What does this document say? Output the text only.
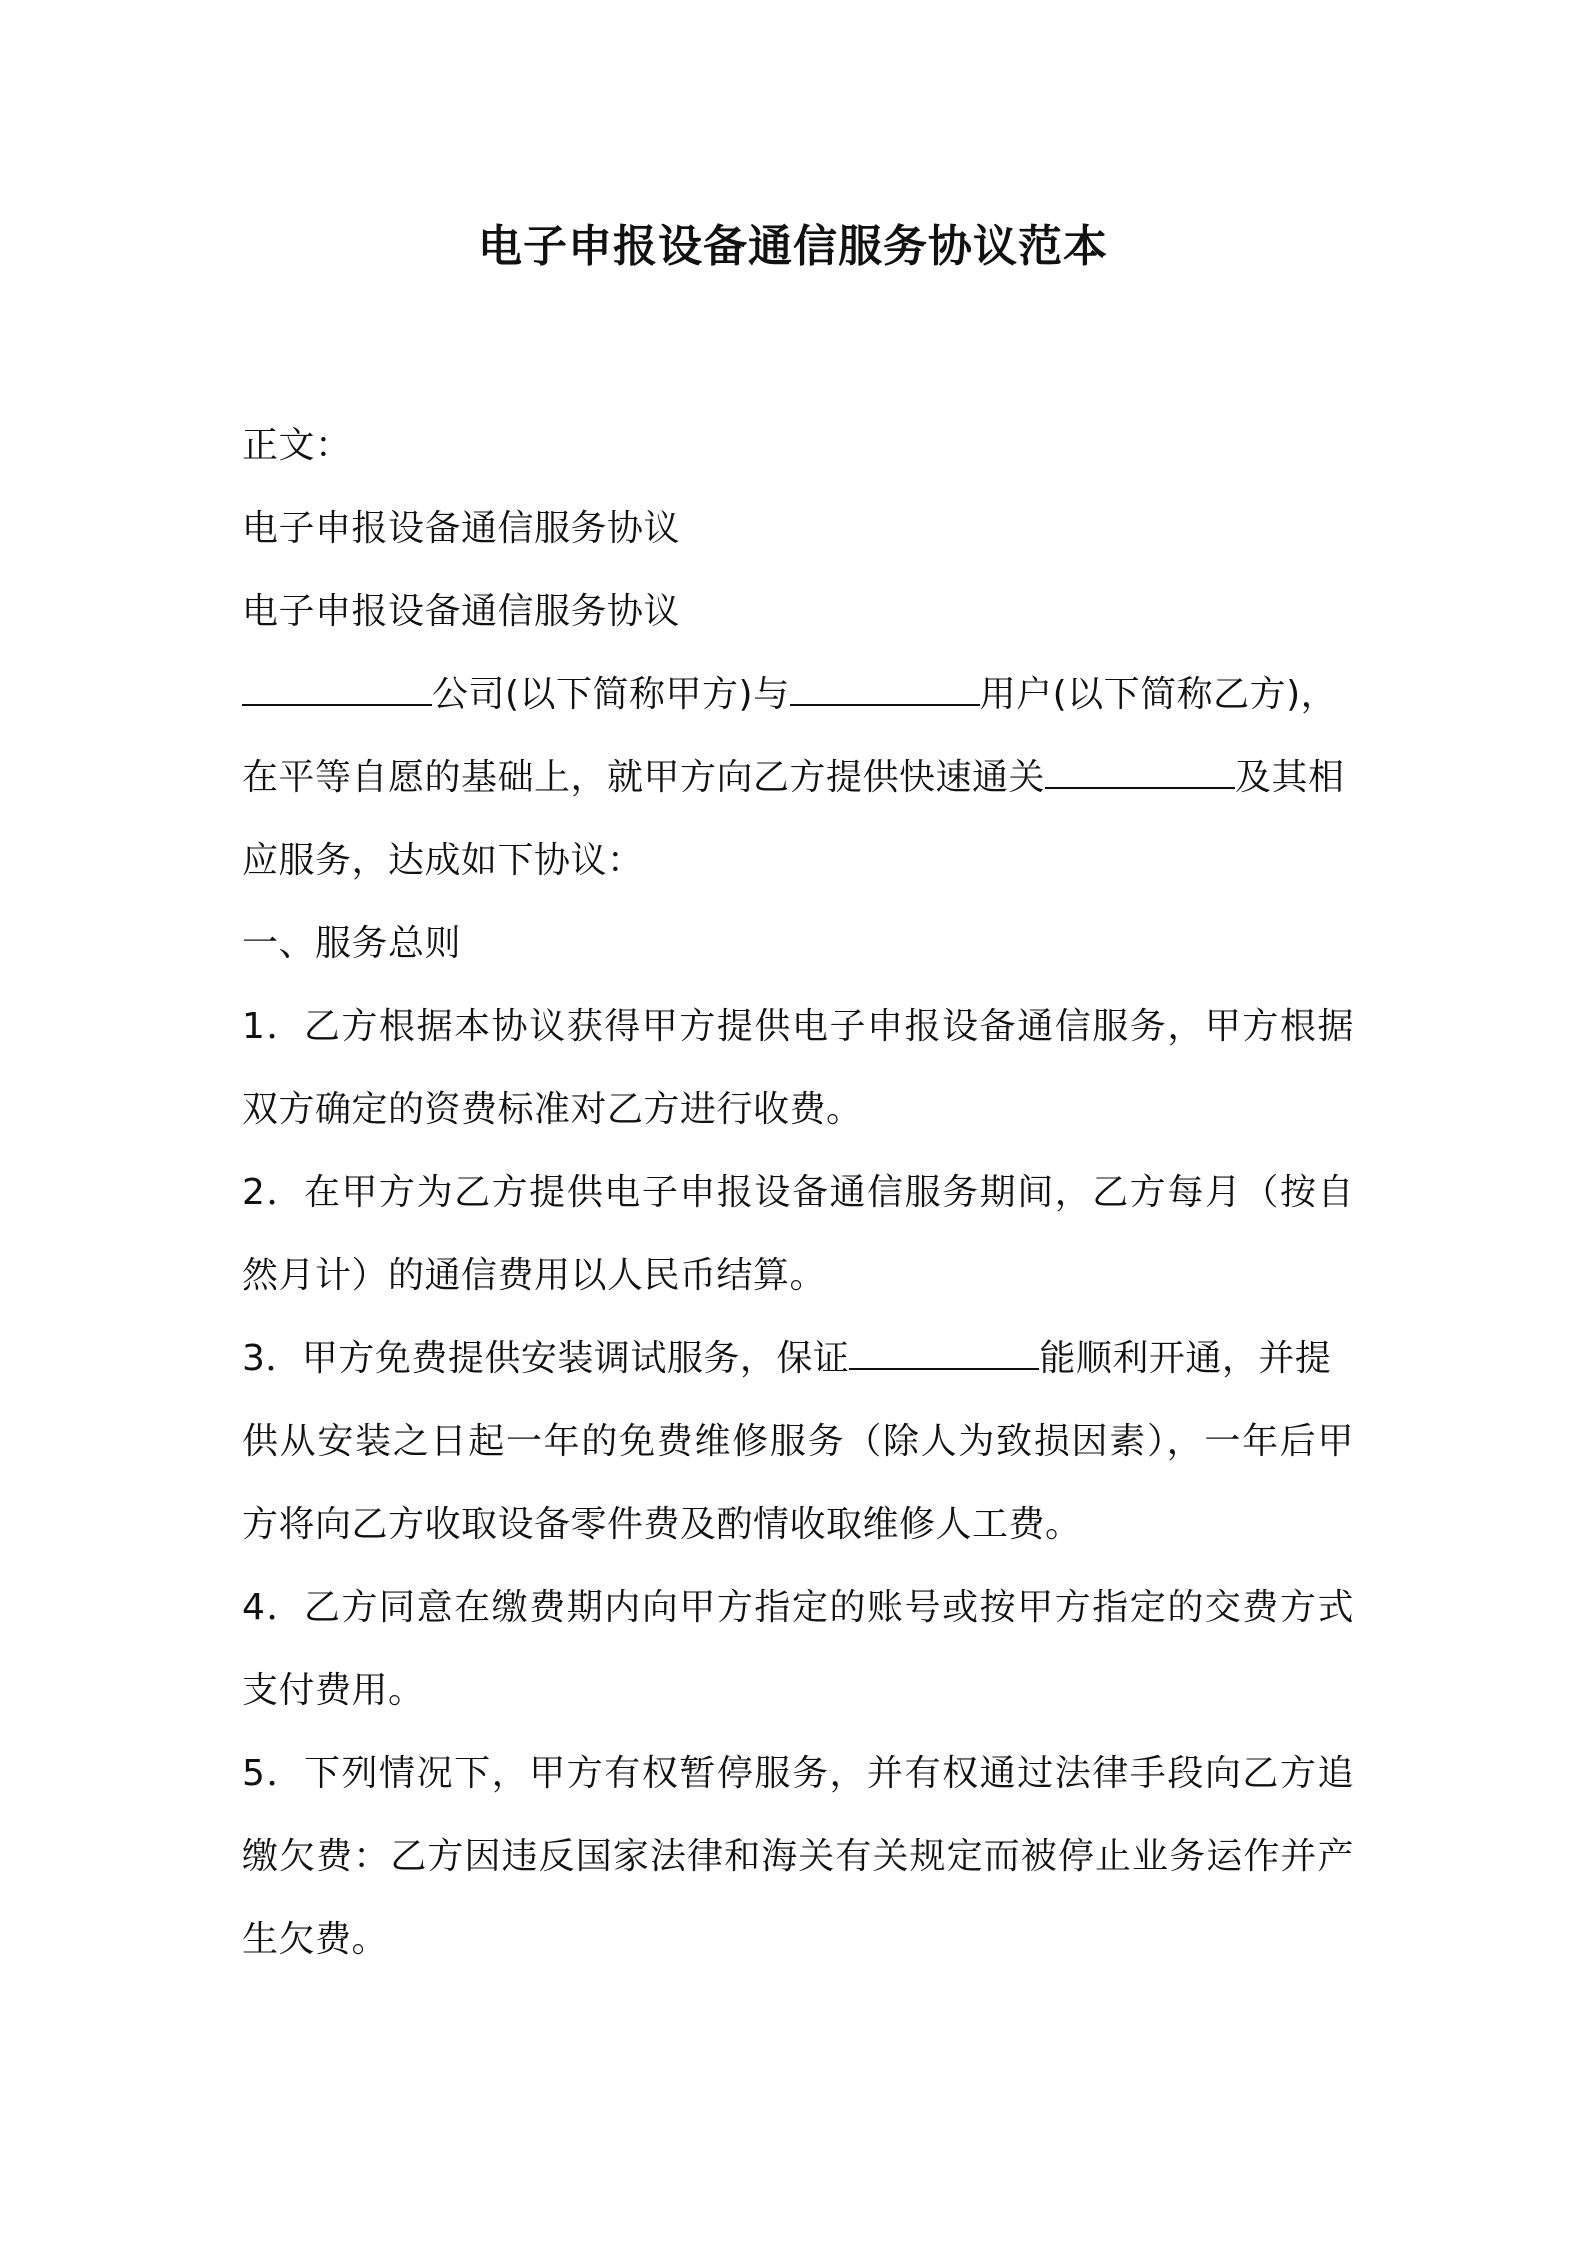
电子申报设备通信服务协议范本
正文：
电子申报设备通信服务协议
电子申报设备通信服务协议
公司(以下简称甲方)与	用户(以下简称乙方)，
在平等自愿的基础上，就甲方向乙方提供快速通关	及其相
应服务，达成如下协议：
一、服务总则
1．乙方根据本协议获得甲方提供电子申报设备通信服务，甲方根据
双方确定的资费标准对乙方进行收费。
2．在甲方为乙方提供电子申报设备通信服务期间，乙方每月（按自
然月计）的通信费用以人民币结算。
3．甲方免费提供安装调试服务，保证	能顺利开通，并提
供从安装之日起一年的免费维修服务（除人为致损因素），一年后甲
方将向乙方收取设备零件费及酌情收取维修人工费。
4．乙方同意在缴费期内向甲方指定的账号或按甲方指定的交费方式
支付费用。
5．下列情况下，甲方有权暂停服务，并有权通过法律手段向乙方追
缴欠费：乙方因违反国家法律和海关有关规定而被停止业务运作并产
生欠费。
